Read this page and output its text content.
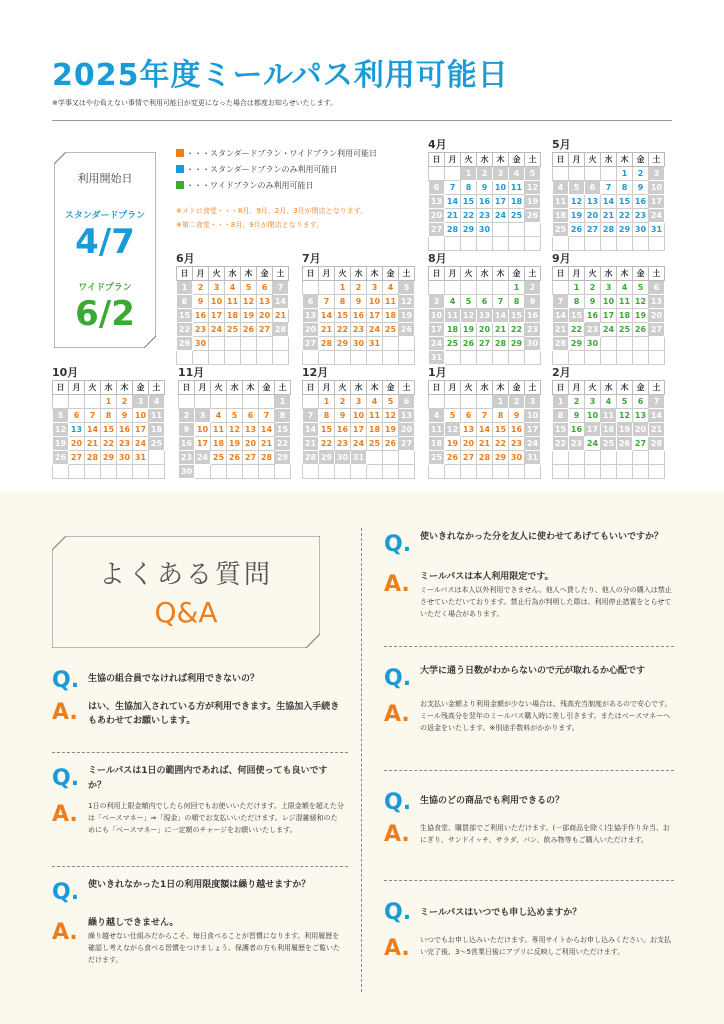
2025年度ミールパス利用可能日
※学事又はやむ負えない事情で利用可能日が変更になった場合は都度お知らせいたします。
利用開始日
スタンダードプラン
4/7
ワイドプラン
6/2
・・・スタンダードプラン・ワイドプラン利用可能日
・・・スタンダードプランのみ利用可能日
・・・ワイドプランのみ利用可能日
※メトロ食堂・・・8月、9月、2月、3月が閉店となります。
※第二食堂・・・8月、9月が閉店となります。
4月
日	月	火	水	木	金	土
		1	2	3	4	5
6	7	8	9	10	11	12
13	14	15	16	17	18	19
20	21	22	23	24	25	26
27	28	29	30			

5月
日	月	火	水	木	金	土
				1	2	3
4	5	6	7	8	9	10
11	12	13	14	15	16	17
18	19	20	21	22	23	24
25	26	27	28	29	30	31

6月
日	月	火	水	木	金	土
1	2	3	4	5	6	7
8	9	10	11	12	13	14
15	16	17	18	19	20	21
22	23	24	25	26	27	28
29	30					

7月
日	月	火	水	木	金	土
		1	2	3	4	5
6	7	8	9	10	11	12
13	14	15	16	17	18	19
20	21	22	23	24	25	26
27	28	29	30	31		

8月
日	月	火	水	木	金	土
					1	2
3	4	5	6	7	8	9
10	11	12	13	14	15	16
17	18	19	20	21	22	23
24	25	26	27	28	29	30
31						
9月
日	月	火	水	木	金	土
	1	2	3	4	5	6
7	8	9	10	11	12	13
14	15	16	17	18	19	20
21	22	23	24	25	26	27
28	29	30				

10月
日	月	火	水	木	金	土
			1	2	3	4
5	6	7	8	9	10	11
12	13	14	15	16	17	18
19	20	21	22	23	24	25
26	27	28	29	30	31	

11月
日	月	火	水	木	金	土
						1
2	3	4	5	6	7	8
9	10	11	12	13	14	15
16	17	18	19	20	21	22
23	24	25	26	27	28	29
30						
12月
日	月	火	水	木	金	土
	1	2	3	4	5	6
7	8	9	10	11	12	13
14	15	16	17	18	19	20
21	22	23	24	25	26	27
28	29	30	31			

1月
日	月	火	水	木	金	土
				1	2	3
4	5	6	7	8	9	10
11	12	13	14	15	16	17
18	19	20	21	22	23	24
25	26	27	28	29	30	31

2月
日	月	火	水	木	金	土
1	2	3	4	5	6	7
8	9	10	11	12	13	14
15	16	17	18	19	20	21
22	23	24	25	26	27	28

よくある質問
Q&A
Q. 生協の組合員でなければ利用できないの？
A. はい、生協加入されている方が利用できます。生協加入手続きもあわせてお願いします。
Q. ミールパスは1日の範囲内であれば、何回使っても良いですか？
A. 1日の利用上限金額内でしたら何回でもお使いいただけます。上限金額を超えた分は「ベースマネー」⇒「現金」の順でお支払いいただけます。レジ混雑緩和のためにも「ベースマネー」に一定額のチャージをお願いいたします。
Q. 使いきれなかった1日の利用限度額は繰り越せますか？
A. 繰り越しできません。
繰り越せない仕組みだからこそ、毎日食べることが習慣になります。利用履歴を確認し考えながら食べる習慣をつけましょう。保護者の方も利用履歴をご覧いただけます。
Q. 使いきれなかった分を友人に使わせてあげてもいいですか？
A. ミールパスは本人利用限定です。
ミールパスは本人以外利用できません。他人へ貸したり、他人の分の購入は禁止させていただいております。禁止行為が判明した際は、利用停止措置をとらせていただく場合があります。
Q. 大学に通う日数がわからないので元が取れるか心配です
A. お支払い金額より利用金額が少ない場合は、残高充当制度があるので安心です。ミール残高分を翌年のミールパス購入時に差し引きます。またはベースマネーへの返金をいたします。※別途手数料がかかります。
Q. 生協のどの商品でも利用できるの？
A. 生協食堂、購買部でご利用いただけます。(一部商品を除く)生協手作り弁当、おにぎり、サンドイッチ、サラダ、パン、飲み物等もご購入いただけます。
Q. ミールパスはいつでも申し込めますか？
A. いつでもお申し込みいただけます。専用サイトからお申し込みください。お支払い完了後、3～5営業日後にアプリに反映しご利用いただけます。
